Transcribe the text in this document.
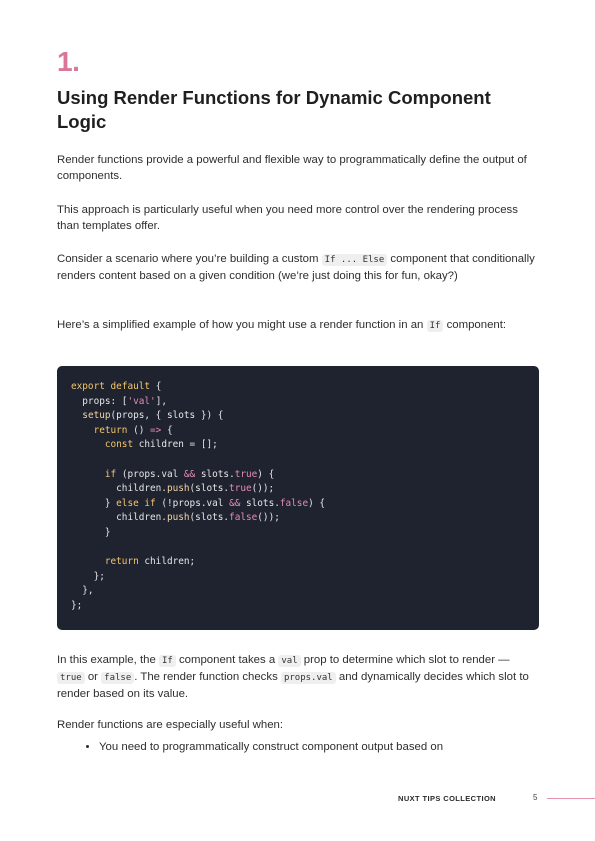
1.
Using Render Functions for Dynamic Component Logic

Render functions provide a powerful and flexible way to programmatically define the output of components.

This approach is particularly useful when you need more control over the rendering process than templates offer.

Consider a scenario where you’re building a custom If ... Else component that conditionally renders content based on a given condition (we’re just doing this for fun, okay?)

Here’s a simplified example of how you might use a render function in an If component:

export default {
props: ['val'],
setup(props, { slots }) {
return () => {
const children = [];

if (props.val && slots.true) {
children.push(slots.true());
} else if (!props.val && slots.false) {
children.push(slots.false());
}

return children;
};
},
};

In this example, the If component takes a val prop to determine which slot to render — true or false . The render function checks props.val and dynamically decides which slot to render based on its value.

Render functions are especially useful when:

• You need to programmatically construct component output based on
NUXT TIPS COLLECTION	5
